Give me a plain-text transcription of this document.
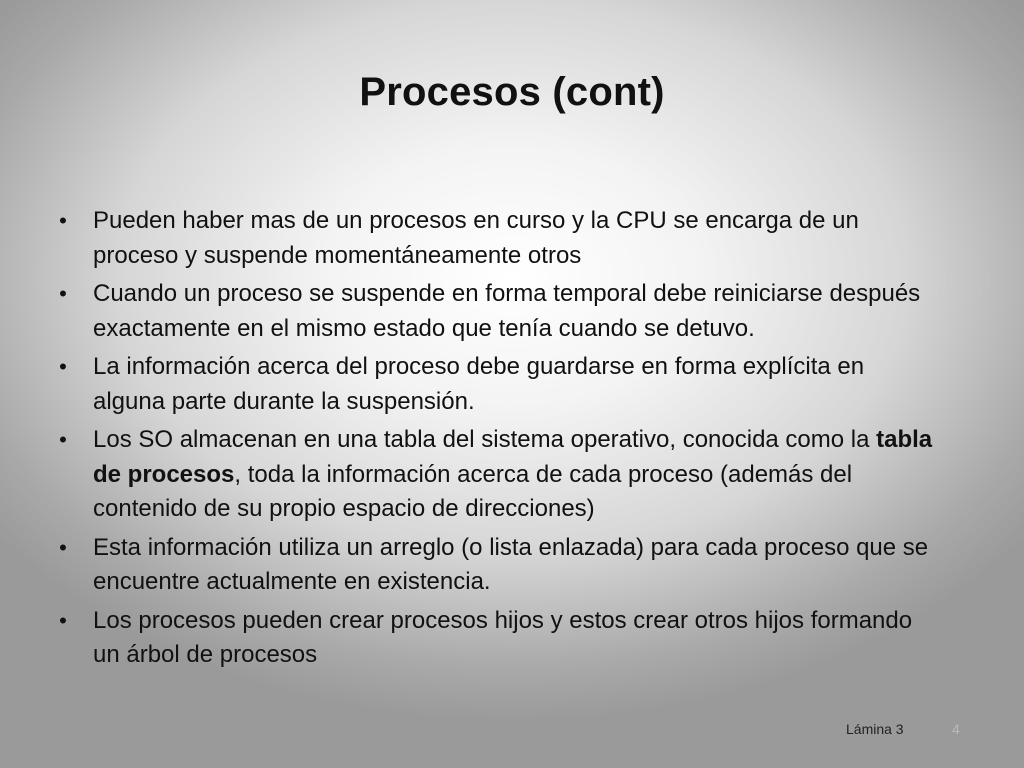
Procesos (cont)
• Pueden haber mas de un procesos en curso y la CPU se encarga de un proceso y suspende momentáneamente otros
• Cuando un proceso se suspende en forma temporal debe reiniciarse después exactamente en el mismo estado que tenía cuando se detuvo.
• La información acerca del proceso debe guardarse en forma explícita en alguna parte durante la suspensión.
• Los SO almacenan en una tabla del sistema operativo, conocida como la tabla de procesos, toda la información acerca de cada proceso (además del contenido de su propio espacio de direcciones)
• Esta información utiliza un arreglo (o lista enlazada) para cada proceso que se encuentre actualmente en existencia.
• Los procesos pueden crear procesos hijos y estos crear otros hijos formando un árbol de procesos
Lámina 3	4
